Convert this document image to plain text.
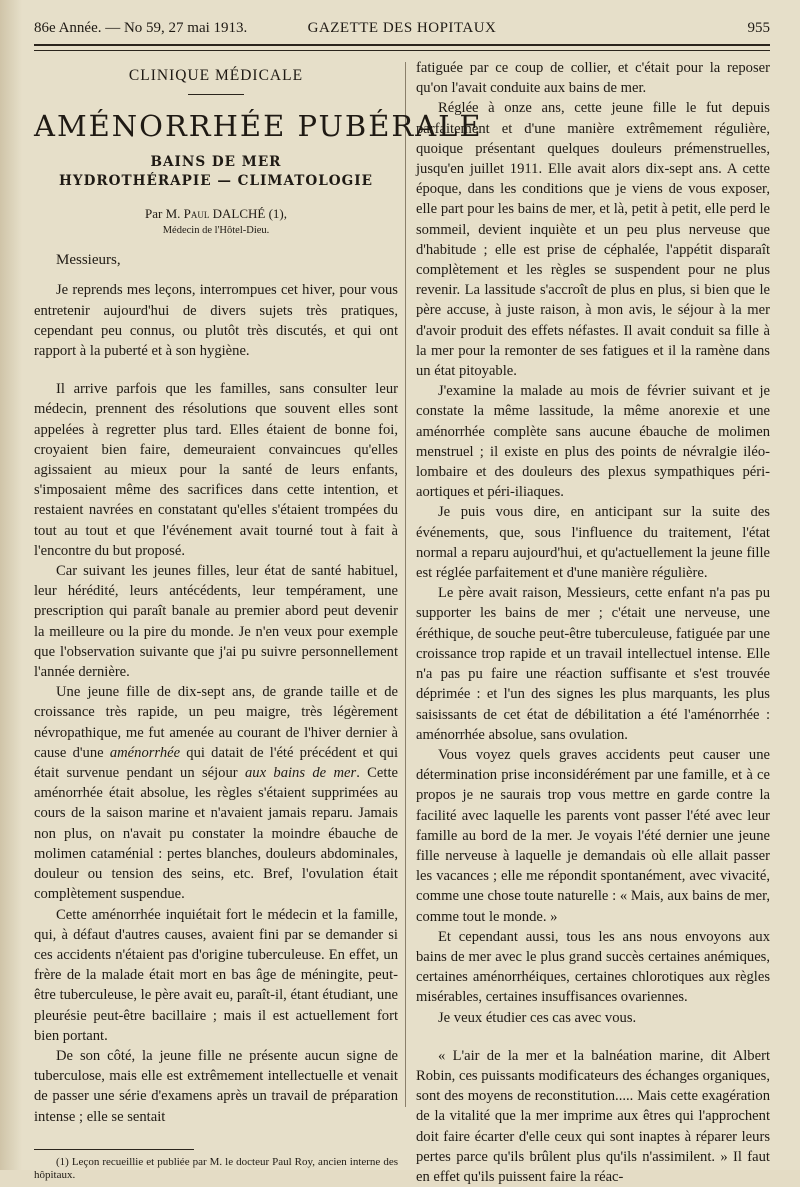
86e Année. — No 59, 27 mai 1913.	GAZETTE DES HOPITAUX	955
CLINIQUE MÉDICALE
AMÉNORRHÉE PUBÉRALE
BAINS DE MER
HYDROTHÉRAPIE — CLIMATOLOGIE
Par M. Paul DALCHÉ (1),
Médecin de l'Hôtel-Dieu.

Messieurs,

Je reprends mes leçons, interrompues cet hiver, pour vous entretenir aujourd'hui de divers sujets très pratiques, cependant peu connus, ou plutôt très discutés, et qui ont rapport à la puberté et à son hygiène.

Il arrive parfois que les familles, sans consulter leur médecin, prennent des résolutions que souvent elles sont appelées à regretter plus tard. Elles étaient de bonne foi, croyaient bien faire, demeuraient convaincues qu'elles agissaient au mieux pour la santé de leurs enfants, s'imposaient même des sacrifices dans cette intention, et restaient navrées en constatant qu'elles s'étaient trompées du tout au tout et que l'événement avait tourné tout à fait à l'encontre du but proposé.

Car suivant les jeunes filles, leur état de santé habituel, leur hérédité, leurs antécédents, leur tempérament, une prescription qui paraît banale au premier abord peut devenir la meilleure ou la pire du monde. Je n'en veux pour exemple que l'observation suivante que j'ai pu suivre personnellement l'année dernière.

Une jeune fille de dix-sept ans, de grande taille et de croissance très rapide, un peu maigre, très légèrement névropathique, me fut amenée au courant de l'hiver dernier à cause d'une aménorrhée qui datait de l'été précédent et qui était survenue pendant un séjour aux bains de mer. Cette aménorrhée était absolue, les règles s'étaient supprimées au cours de la saison marine et n'avaient jamais reparu. Jamais non plus, on n'avait pu constater la moindre ébauche de molimen cataménial : pertes blanches, douleurs abdominales, douleur ou tension des seins, etc. Bref, l'ovulation était complètement suspendue.

Cette aménorrhée inquiétait fort le médecin et la famille, qui, à défaut d'autres causes, avaient fini par se demander si ces accidents n'étaient pas d'origine tuberculeuse. En effet, un frère de la malade était mort en bas âge de méningite, peut-être tuberculeuse, le père avait eu, paraît-il, étant étudiant, une pleurésie peut-être bacillaire ; mais il est actuellement fort bien portant.

De son côté, la jeune fille ne présente aucun signe de tuberculose, mais elle est extrêmement intellectuelle et venait de passer une série d'examens après un travail de préparation intense ; elle se sentait

(1) Leçon recueillie et publiée par M. le docteur Paul Roy, ancien interne des hôpitaux.

fatiguée par ce coup de collier, et c'était pour la reposer qu'on l'avait conduite aux bains de mer.

Réglée à onze ans, cette jeune fille le fut depuis parfaitement et d'une manière extrêmement régulière, quoique présentant quelques douleurs prémenstruelles, jusqu'en juillet 1911. Elle avait alors dix-sept ans. A cette époque, dans les conditions que je viens de vous exposer, elle part pour les bains de mer, et là, petit à petit, elle perd le sommeil, devient inquiète et un peu plus nerveuse que d'habitude ; elle est prise de céphalée, l'appétit disparaît complètement et les règles se suspendent pour ne plus revenir. La lassitude s'accroît de plus en plus, si bien que le père accuse, à juste raison, à mon avis, le séjour à la mer d'avoir produit des effets néfastes. Il avait conduit sa fille à la mer pour la remonter de ses fatigues et il la ramène dans un état pitoyable.

J'examine la malade au mois de février suivant et je constate la même lassitude, la même anorexie et une aménorrhée complète sans aucune ébauche de molimen menstruel ; il existe en plus des points de névralgie iléo-lombaire et des douleurs des plexus sympathiques péri-aortiques et péri-iliaques.

Je puis vous dire, en anticipant sur la suite des événements, que, sous l'influence du traitement, l'état normal a reparu aujourd'hui, et qu'actuellement la jeune fille est réglée parfaitement et d'une manière régulière.

Le père avait raison, Messieurs, cette enfant n'a pas pu supporter les bains de mer ; c'était une nerveuse, une éréthique, de souche peut-être tuberculeuse, fatiguée par une croissance trop rapide et un travail intellectuel intense. Elle n'a pas pu faire une réaction suffisante et s'est trouvée déprimée : et l'un des signes les plus marquants, les plus saisissants de cet état de débilitation a été l'aménorrhée : aménorrhée absolue, sans ovulation.

Vous voyez quels graves accidents peut causer une détermination prise inconsidérément par une famille, et à ce propos je ne saurais trop vous mettre en garde contre la facilité avec laquelle les parents vont passer l'été avec leur famille au bord de la mer. Je voyais l'été dernier une jeune fille nerveuse à laquelle je demandais où elle allait passer les vacances ; elle me répondit spontanément, avec vivacité, comme une chose toute naturelle : « Mais, aux bains de mer, comme tout le monde. »

Et cependant aussi, tous les ans nous envoyons aux bains de mer avec le plus grand succès certaines anémiques, certaines aménorrhéiques, certaines chlorotiques aux règles misérables, certaines insuffisances ovariennes.

Je veux étudier ces cas avec vous.

« L'air de la mer et la balnéation marine, dit Albert Robin, ces puissants modificateurs des échanges organiques, sont des moyens de reconstitution..... Mais cette exagération de la vitalité que la mer imprime aux êtres qui l'approchent doit faire écarter d'elle ceux qui sont inaptes à réparer leurs pertes parce qu'ils brûlent plus qu'ils n'assimilent. » Il faut en effet qu'ils puissent faire la réac-
